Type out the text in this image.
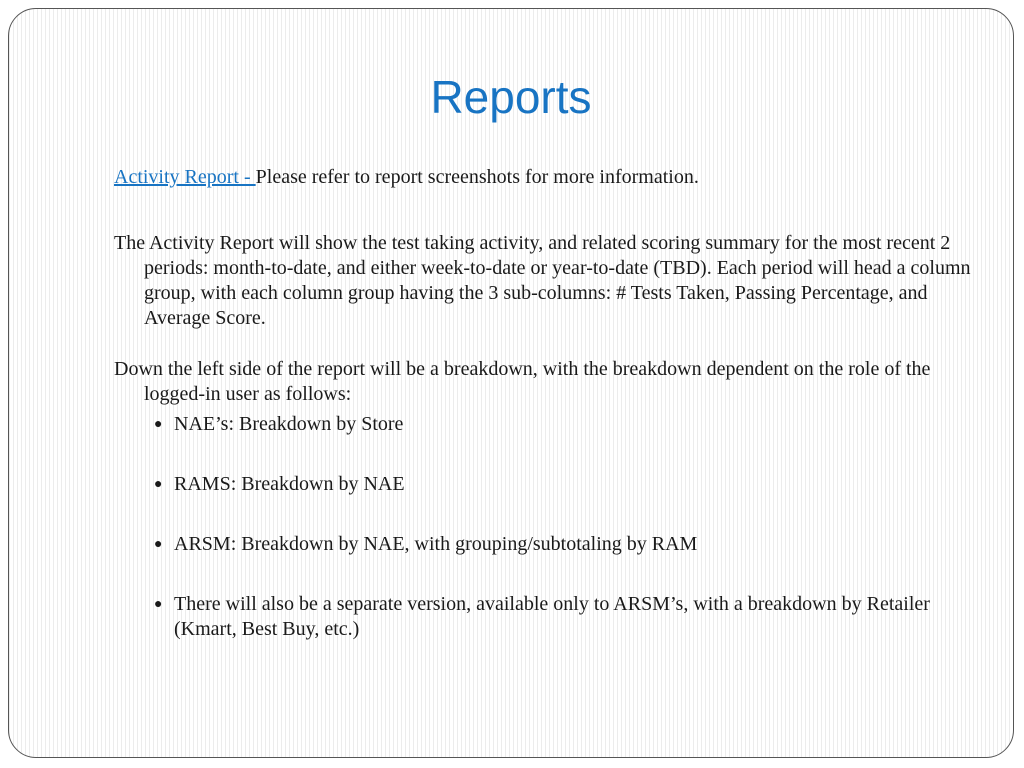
Reports

Activity Report - Please refer to report screenshots for more information.

The Activity Report will show the test taking activity, and related scoring summary for the most recent 2 periods: month-to-date, and either week-to-date or year-to-date (TBD). Each period will head a column group, with each column group having the 3 sub-columns: # Tests Taken, Passing Percentage, and Average Score.

Down the left side of the report will be a breakdown, with the breakdown dependent on the role of the logged-in user as follows:

● NAE’s: Breakdown by Store
● RAMS: Breakdown by NAE
● ARSM: Breakdown by NAE, with grouping/subtotaling by RAM
● There will also be a separate version, available only to ARSM’s, with a breakdown by Retailer (Kmart, Best Buy, etc.)
